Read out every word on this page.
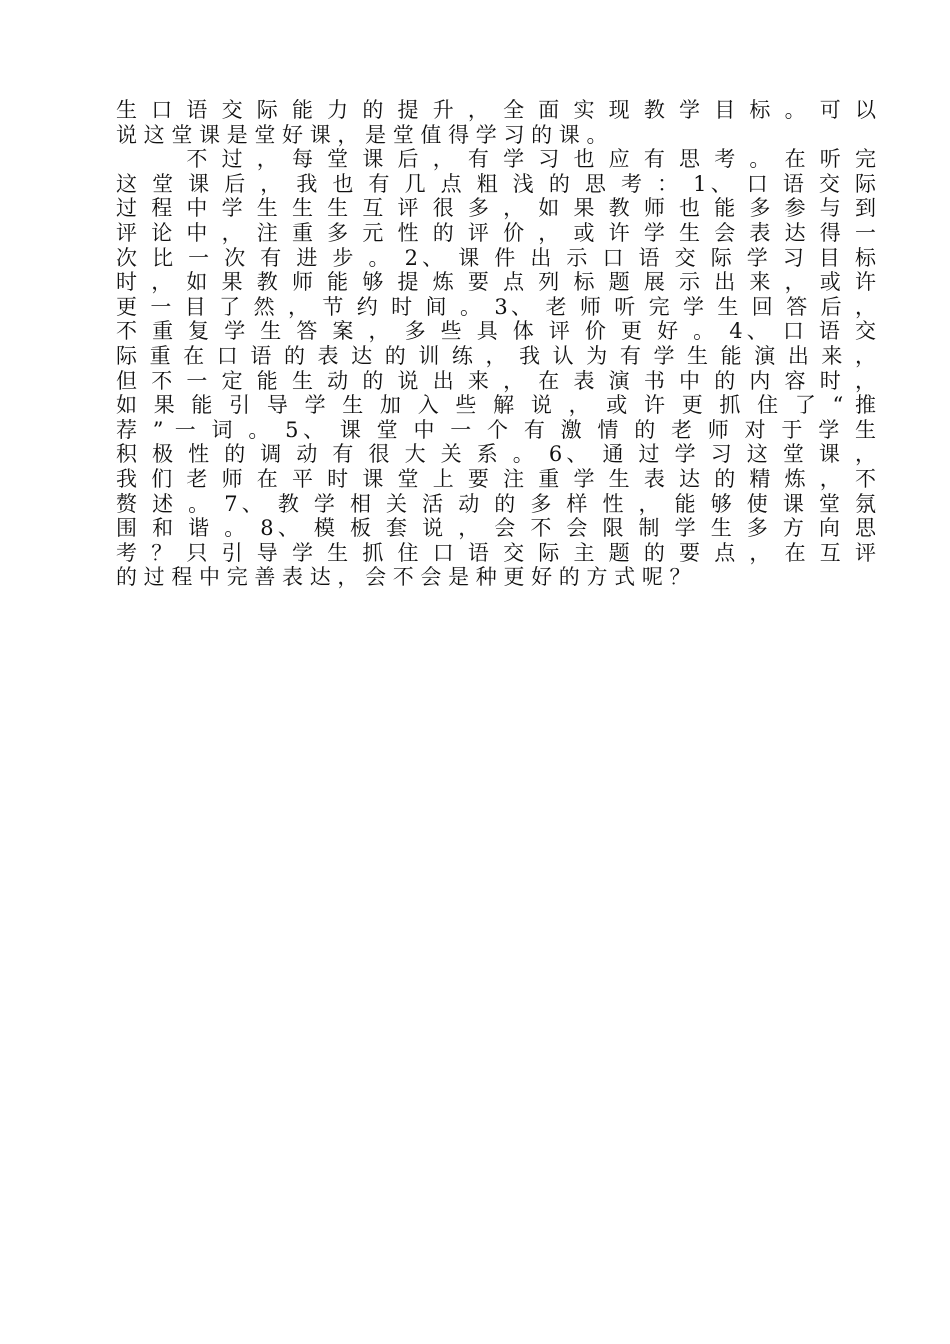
生 口 语 交 际 能 力 的 提 升 ， 全 面 实 现 教 学 目 标 。 可 以
说 这 堂 课 是 堂 好 课 ， 是 堂 值 得 学 习 的 课 。
　 　 不 过 ， 每 堂 课 后 ， 有 学 习 也 应 有 思 考 。 在 听 完
这 堂 课 后 ， 我 也 有 几 点 粗 浅 的 思 考 ： 1、 口 语 交 际
过 程 中 学 生 生 生 互 评 很 多 ， 如 果 教 师 也 能 多 参 与 到
评 论 中 ， 注 重 多 元 性 的 评 价 ， 或 许 学 生 会 表 达 得 一
次 比 一 次 有 进 步 。 2、 课 件 出 示 口 语 交 际 学 习 目 标
时 ， 如 果 教 师 能 够 提 炼 要 点 列 标 题 展 示 出 来 ， 或 许
更 一 目 了 然 ， 节 约 时 间 。 3、 老 师 听 完 学 生 回 答 后 ，
不 重 复 学 生 答 案 ， 多 些 具 体 评 价 更 好 。 4、 口 语 交
际 重 在 口 语 的 表 达 的 训 练 ， 我 认 为 有 学 生 能 演 出 来 ，
但 不 一 定 能 生 动 的 说 出 来 ， 在 表 演 书 中 的 内 容 时 ，
如 果 能 引 导 学 生 加 入 些 解 说 ， 或 许 更 抓 住 了 “ 推
荐 ” 一 词 。 5、 课 堂 中 一 个 有 激 情 的 老 师 对 于 学 生
积 极 性 的 调 动 有 很 大 关 系 。 6、 通 过 学 习 这 堂 课 ，
我 们 老 师 在 平 时 课 堂 上 要 注 重 学 生 表 达 的 精 炼 ， 不
赘 述 。 7、 教 学 相 关 活 动 的 多 样 性 ， 能 够 使 课 堂 氛
围 和 谐 。 8、 模 板 套 说 ， 会 不 会 限 制 学 生 多 方 向 思
考 ？ 只 引 导 学 生 抓 住 口 语 交 际 主 题 的 要 点 ， 在 互 评
的 过 程 中 完 善 表 达 ， 会 不 会 是 种 更 好 的 方 式 呢 ？
